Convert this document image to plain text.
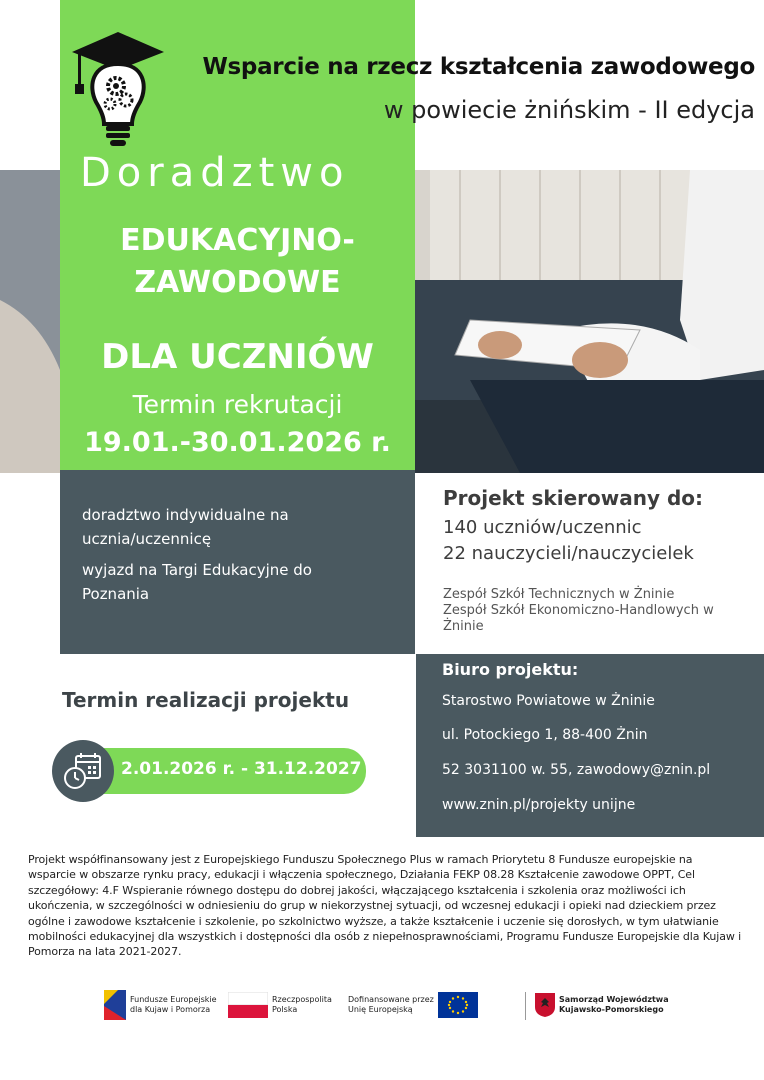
Wsparcie na rzecz kształcenia zawodowego
w powiecie żnińskim - II edycja
Doradztwo
EDUKACYJNO-
ZAWODOWE
DLA UCZNIÓW
Termin rekrutacji
19.01.-30.01.2026 r.
doradztwo indywidualne na ucznia/uczennicę
wyjazd na Targi Edukacyjne do Poznania
Projekt skierowany do:
140 uczniów/uczennic
22 nauczycieli/nauczycielek
Zespół Szkół Technicznych w Żninie
Zespół Szkół Ekonomiczno-Handlowych w Żninie
Termin realizacji projektu
2.01.2026 r. - 31.12.2027 r.
Biuro projektu:
Starostwo Powiatowe w Żninie
ul. Potockiego 1, 88-400 Żnin
52 3031100 w. 55, zawodowy@znin.pl
www.znin.pl/projekty unijne
Projekt współfinansowany jest z Europejskiego Funduszu Społecznego Plus w ramach Priorytetu 8 Fundusze europejskie na wsparcie w obszarze rynku pracy, edukacji i włączenia społecznego, Działania FEKP 08.28 Kształcenie zawodowe OPPT, Cel szczegółowy: 4.F Wspieranie równego dostępu do dobrej jakości, włączającego kształcenia i szkolenia oraz możliwości ich ukończenia, w szczególności w odniesieniu do grup w niekorzystnej sytuacji, od wczesnej edukacji i opieki nad dzieckiem przez ogólne i zawodowe kształcenie i szkolenie, po szkolnictwo wyższe, a także kształcenie i uczenie się dorosłych, w tym ułatwianie mobilności edukacyjnej dla wszystkich i dostępności dla osób z niepełnosprawnościami, Programu Fundusze Europejskie dla Kujaw i Pomorza na lata 2021-2027.
Fundusze Europejskie
dla Kujaw i Pomorza
Rzeczpospolita
Polska
Dofinansowane przez
Unię Europejską
Samorząd Województwa
Kujawsko-Pomorskiego
